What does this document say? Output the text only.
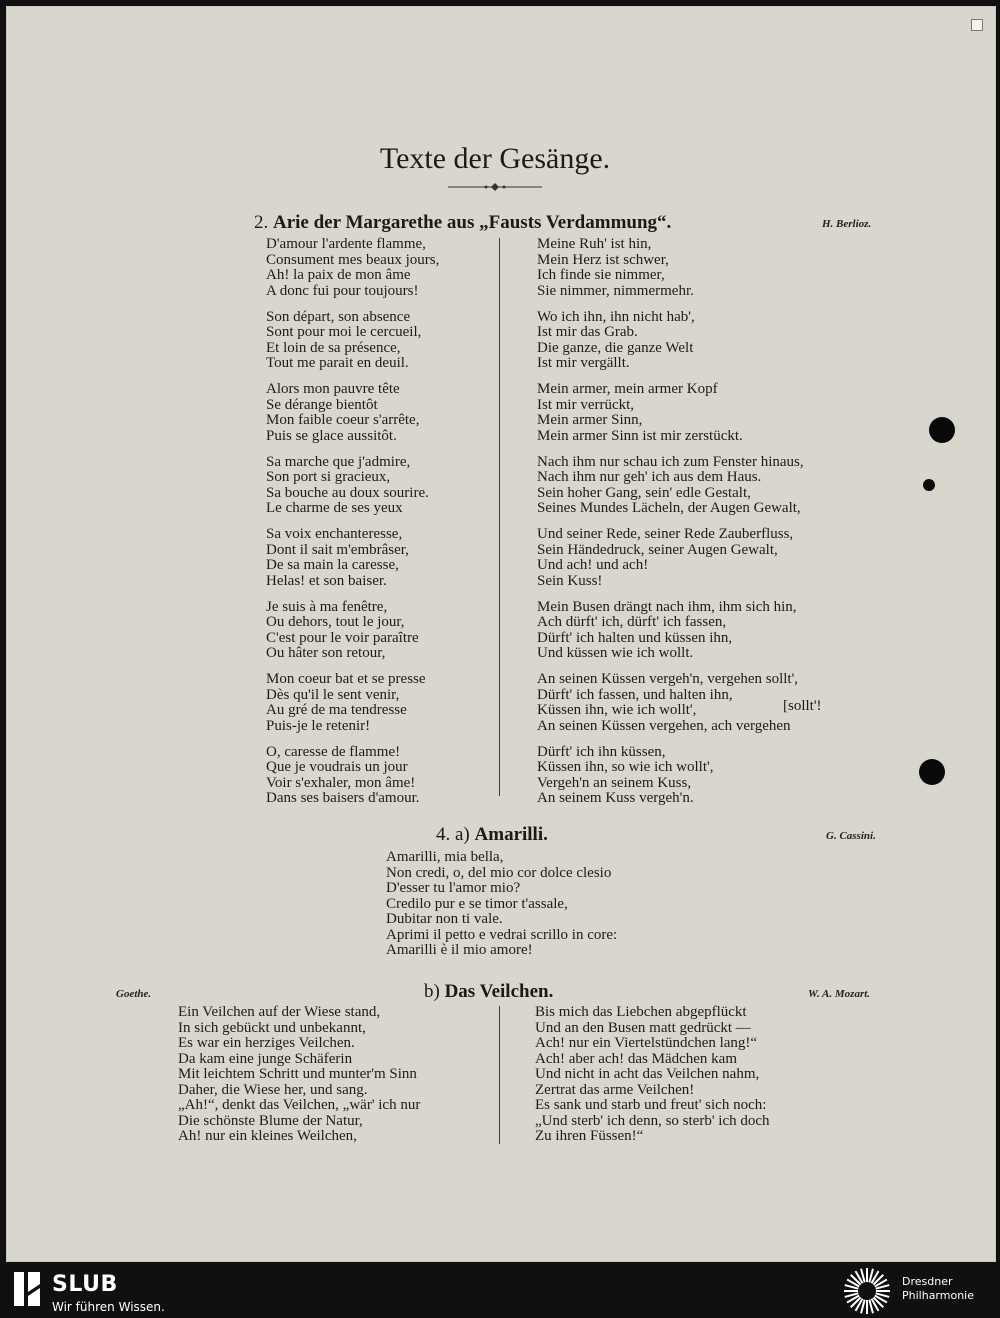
Texte der Gesänge.
2. Arie der Margarethe aus „Fausts Verdammung“.	H. Berlioz.
D'amour l'ardente flamme,
Consument mes beaux jours,
Ah! la paix de mon âme
A donc fui pour toujours!
Son départ, son absence
Sont pour moi le cercueil,
Et loin de sa présence,
Tout me parait en deuil.
Alors mon pauvre tête
Se dérange bientôt
Mon faible coeur s'arrête,
Puis se glace aussitôt.
Sa marche que j'admire,
Son port si gracieux,
Sa bouche au doux sourire.
Le charme de ses yeux
Sa voix enchanteresse,
Dont il sait m'embrâser,
De sa main la caresse,
Helas! et son baiser.
Je suis à ma fenêtre,
Ou dehors, tout le jour,
C'est pour le voir paraître
Ou hâter son retour,
Mon coeur bat et se presse
Dès qu'il le sent venir,
Au gré de ma tendresse
Puis-je le retenir!
O, caresse de flamme!
Que je voudrais un jour
Voir s'exhaler, mon âme!
Dans ses baisers d'amour.
Meine Ruh' ist hin,
Mein Herz ist schwer,
Ich finde sie nimmer,
Sie nimmer, nimmermehr.
Wo ich ihn, ihn nicht hab',
Ist mir das Grab.
Die ganze, die ganze Welt
Ist mir vergällt.
Mein armer, mein armer Kopf
Ist mir verrückt,
Mein armer Sinn,
Mein armer Sinn ist mir zerstückt.
Nach ihm nur schau ich zum Fenster hinaus,
Nach ihm nur geh' ich aus dem Haus.
Sein hoher Gang, sein' edle Gestalt,
Seines Mundes Lächeln, der Augen Gewalt,
Und seiner Rede, seiner Rede Zauberfluss,
Sein Händedruck, seiner Augen Gewalt,
Und ach! und ach!
Sein Kuss!
Mein Busen drängt nach ihm, ihm sich hin,
Ach dürft' ich, dürft' ich fassen,
Dürft' ich halten und küssen ihn,
Und küssen wie ich wollt.
An seinen Küssen vergeh'n, vergehen sollt',
Dürft' ich fassen, und halten ihn,
Küssen ihn, wie ich wollt',
An seinen Küssen vergehen, ach vergehen
Dürft' ich ihn küssen,
Küssen ihn, so wie ich wollt',
Vergeh'n an seinem Kuss,
An seinem Kuss vergeh'n.
[sollt'!
4. a) Amarilli.	G. Cassini.
Amarilli, mia bella,
Non credi, o, del mio cor dolce clesio
D'esser tu l'amor mio?
Credilo pur e se timor t'assale,
Dubitar non ti vale.
Aprimi il petto e vedrai scrillo in core:
Amarilli è il mio amore!
Goethe.	b) Das Veilchen.	W. A. Mozart.
Ein Veilchen auf der Wiese stand,
In sich gebückt und unbekannt,
Es war ein herziges Veilchen.
Da kam eine junge Schäferin
Mit leichtem Schritt und munter'm Sinn
Daher, die Wiese her, und sang.
„Ah!“, denkt das Veilchen, „wär' ich nur
Die schönste Blume der Natur,
Ah! nur ein kleines Weilchen,
Bis mich das Liebchen abgepflückt
Und an den Busen matt gedrückt —
Ach! nur ein Viertelstündchen lang!“
Ach! aber ach! das Mädchen kam
Und nicht in acht das Veilchen nahm,
Zertrat das arme Veilchen!
Es sank und starb und freut' sich noch:
„Und sterb' ich denn, so sterb' ich doch
Zu ihren Füssen!“
SLUB
Wir führen Wissen.
Dresdner
Philharmonie
